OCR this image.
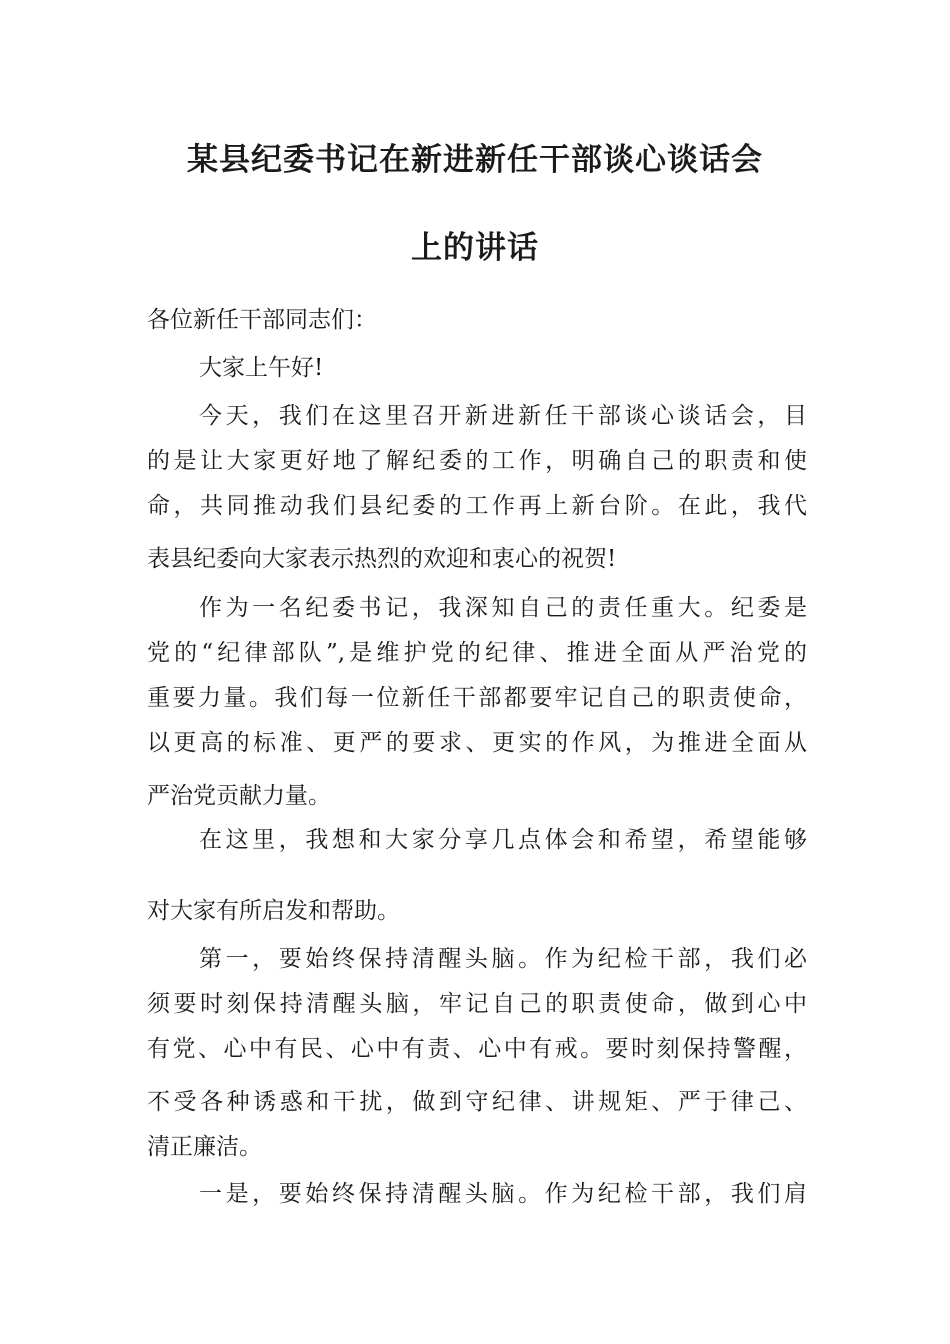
某县纪委书记在新进新任干部谈心谈话会
上的讲话
各位新任干部同志们：
大家上午好!
今天，我们在这里召开新进新任干部谈心谈话会，目
的是让大家更好地了解纪委的工作，明确自己的职责和使
命，共同推动我们县纪委的工作再上新台阶。在此，我代
表县纪委向大家表示热烈的欢迎和衷心的祝贺!
作为一名纪委书记，我深知自己的责任重大。纪委是
党的“纪律部队”,是维护党的纪律、推进全面从严治党的
重要力量。我们每一位新任干部都要牢记自己的职责使命，
以更高的标准、更严的要求、更实的作风，为推进全面从
严治党贡献力量。
在这里，我想和大家分享几点体会和希望，希望能够
对大家有所启发和帮助。
第一，要始终保持清醒头脑。作为纪检干部，我们必
须要时刻保持清醒头脑，牢记自己的职责使命，做到心中
有党、心中有民、心中有责、心中有戒。要时刻保持警醒，
不受各种诱惑和干扰，做到守纪律、讲规矩、严于律己、
清正廉洁。
一是，要始终保持清醒头脑。作为纪检干部，我们肩
